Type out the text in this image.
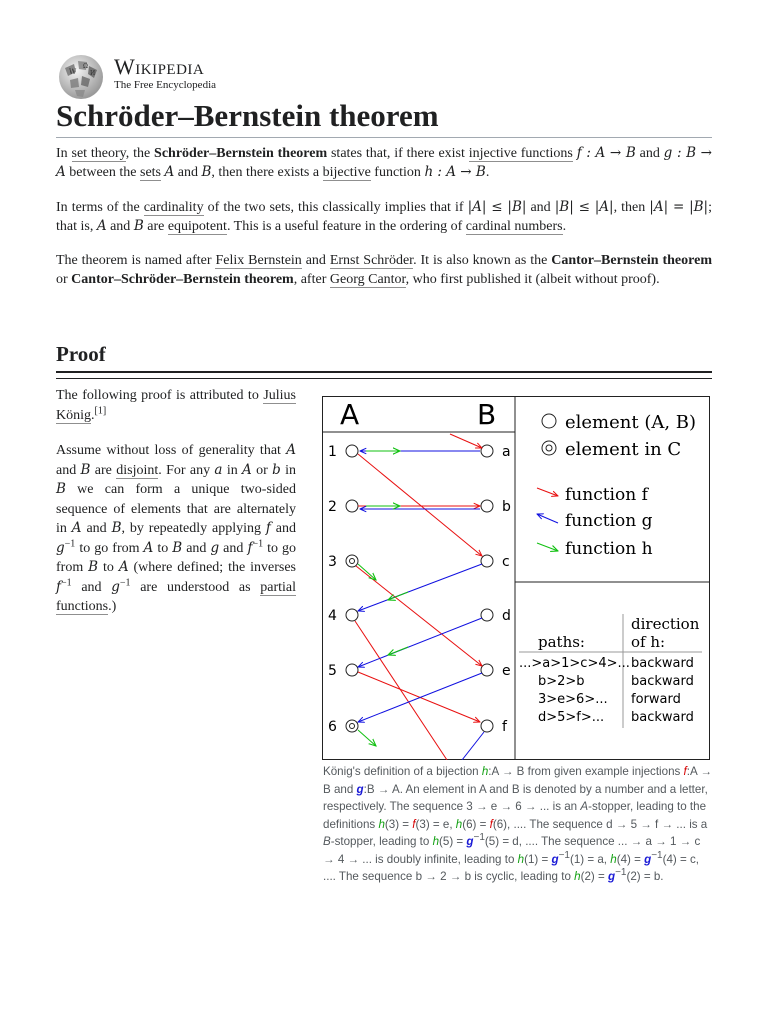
W
Ω
И Wikipedia
The Free Encyclopedia
Schröder–Bernstein theorem

In set theory, the Schröder–Bernstein theorem states that, if there exist injective functions f : A → B and g : B → A between the sets A and B, then there exists a bijective function h : A → B.

In terms of the cardinality of the two sets, this classically implies that if |A| ≤ |B| and |B| ≤ |A|, then |A| = |B|; that is, A and B are equipotent. This is a useful feature in the ordering of cardinal numbers.

The theorem is named after Felix Bernstein and Ernst Schröder. It is also known as the Cantor–Bernstein theorem or Cantor–Schröder–Bernstein theorem, after Georg Cantor, who first published it (albeit without proof).

Proof

The following proof is attributed to Julius König.[1]

Assume without loss of generality that A and B are disjoint. For any a in A or b in B we can form a unique two-sided sequence of elements that are alternately in A and B, by repeatedly applying f and $g^{-1}$ to go from A to B and g and $f^{-1}$ to go from B to A (where defined; the inverses $f^{-1}$ and $g^{-1}$ are understood as partial functions.)

A	B
1
2
3
4
5
6
a
b
c
d
e
f
element (A, B)
element in C
function f
function g
function h
direction
of h:
paths:
...>a>1>c>4>... backward
b>2>b	backward
3>e>6>... forward
d>5>f>... backward

König's definition of a bijection h:A → B from given example injections f:A → B and g:B → A. An element in A and B is denoted by a number and a letter, respectively. The sequence 3 → e → 6 → ... is an A-stopper, leading to the definitions h(3) = f(3) = e, h(6) = f(6), .... The sequence d → 5 → f → ... is a B-stopper, leading to $h(5) = g^{-1}(5) = d$, .... The sequence ... → a → 1 → c → 4 → ... is doubly infinite, leading to $h(1) = g^{-1}(1) = a$, $h(4) = g^{-1}(4) = c$, .... The sequence b → 2 → b is cyclic, leading to $h(2) = g^{-1}(2) = b$.
